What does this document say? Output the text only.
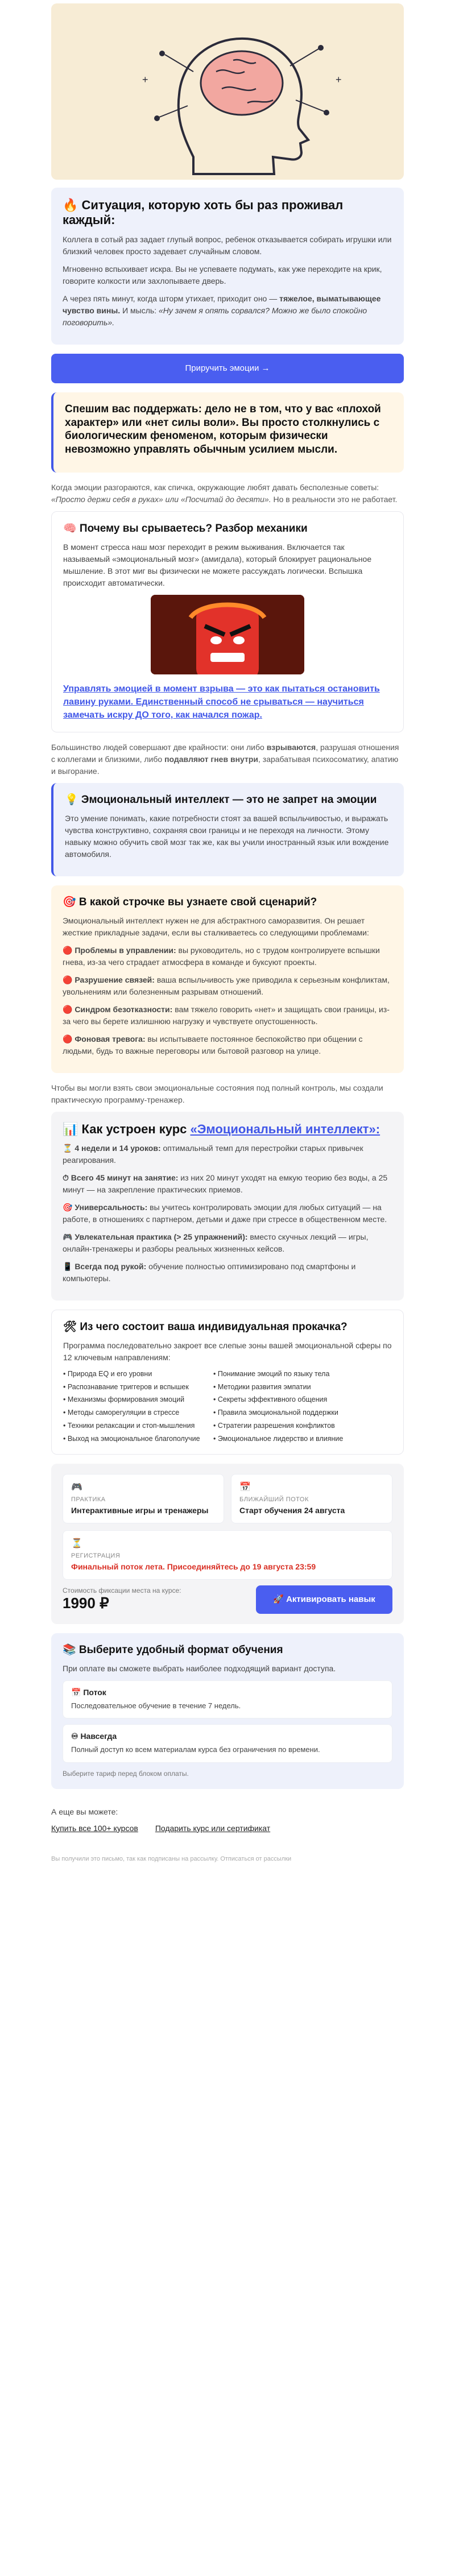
+	+
🔥 Ситуация, которую хоть бы раз проживал каждый:

Коллега в сотый раз задает глупый вопрос, ребенок отказывается собирать игрушки или близкий человек просто задевает случайным словом.

Мгновенно вспыхивает искра. Вы не успеваете подумать, как уже переходите на крик, говорите колкости или захлопываете дверь.

А через пять минут, когда шторм утихает, приходит оно — тяжелое, выматывающее чувство вины. И мысль: «Ну зачем я опять сорвался? Можно же было спокойно поговорить».

Приручить эмоции →
Спешим вас поддержать: дело не в том, что у вас «плохой характер» или «нет силы воли». Вы просто столкнулись с биологическим феноменом, которым физически невозможно управлять обычным усилием мысли.

Когда эмоции разгораются, как спичка, окружающие любят давать бесполезные советы: «Просто держи себя в руках» или «Посчитай до десяти». Но в реальности это не работает.

🧠 Почему вы срываетесь? Разбор механики

В момент стресса наш мозг переходит в режим выживания. Включается так называемый «эмоциональный мозг» (амигдала), который блокирует рациональное мышление. В этот миг вы физически не можете рассуждать логически. Вспышка происходит автоматически.

Управлять эмоцией в момент взрыва — это как пытаться остановить лавину руками. Единственный способ не срываться — научиться замечать искру ДО того, как начался пожар.

Большинство людей совершают две крайности: они либо взрываются, разрушая отношения с коллегами и близкими, либо подавляют гнев внутри, зарабатывая психосоматику, апатию и выгорание.

💡 Эмоциональный интеллект — это не запрет на эмоции

Это умение понимать, какие потребности стоят за вашей вспыльчивостью, и выражать чувства конструктивно, сохраняя свои границы и не переходя на личности. Этому навыку можно обучить свой мозг так же, как вы учили иностранный язык или вождение автомобиля.

🎯 В какой строчке вы узнаете свой сценарий?

Эмоциональный интеллект нужен не для абстрактного саморазвития. Он решает жесткие прикладные задачи, если вы сталкиваетесь со следующими проблемами:

🔴 Проблемы в управлении: вы руководитель, но с трудом контролируете вспышки гнева, из-за чего страдает атмосфера в команде и буксуют проекты.

🔴 Разрушение связей: ваша вспыльчивость уже приводила к серьезным конфликтам, увольнениям или болезненным разрывам отношений.

🔴 Синдром безотказности: вам тяжело говорить «нет» и защищать свои границы, из-за чего вы берете излишнюю нагрузку и чувствуете опустошенность.

🔴 Фоновая тревога: вы испытываете постоянное беспокойство при общении с людьми, будь то важные переговоры или бытовой разговор на улице.

Чтобы вы могли взять свои эмоциональные состояния под полный контроль, мы создали практическую программу-тренажер.

📊 Как устроен курс «Эмоциональный интеллект»:

⏳ 4 недели и 14 уроков: оптимальный темп для перестройки старых привычек реагирования.

⏱ Всего 45 минут на занятие: из них 20 минут уходят на емкую теорию без воды, а 25 минут — на закрепление практических приемов.

🎯 Универсальность: вы учитесь контролировать эмоции для любых ситуаций — на работе, в отношениях с партнером, детьми и даже при стрессе в общественном месте.

🎮 Увлекательная практика (> 25 упражнений): вместо скучных лекций — игры, онлайн-тренажеры и разборы реальных жизненных кейсов.

📱 Всегда под рукой: обучение полностью оптимизировано под смартфоны и компьютеры.

🛠 Из чего состоит ваша индивидуальная прокачка?

Программа последовательно закроет все слепые зоны вашей эмоциональной сферы по 12 ключевым направлениям:

• Природа EQ и его уровни	• Понимание эмоций по языку тела
• Распознавание триггеров и вспышек	• Методики развития эмпатии
• Механизмы формирования эмоций	• Секреты эффективного общения
• Методы саморегуляции в стрессе	• Правила эмоциональной поддержки
• Техники релаксации и стоп-мышления	• Стратегии разрешения конфликтов
• Выход на эмоциональное благополучие	• Эмоциональное лидерство и влияние
🎮
ПРАКТИКА
Интерактивные игры и тренажеры
📅
БЛИЖАЙШИЙ ПОТОК
Старт обучения 24 августа
⏳
РЕГИСТРАЦИЯ
Финальный поток лета. Присоединяйтесь до 19 августа 23:59
Стоимость фиксации места на курсе:
1990 ₽	🚀 Активировать навык
📚 Выберите удобный формат обучения

При оплате вы сможете выбрать наиболее подходящий вариант доступа.

📅 Поток

Последовательное обучение в течение 7 недель.

♾ Навсегда

Полный доступ ко всем материалам курса без ограничения по времени.

Выберите тариф перед блоком оплаты.

А еще вы можете:

Купить все 100+ курсов Подарить курс или сертификат
Вы получили это письмо, так как подписаны на рассылку. Отписаться от рассылки
